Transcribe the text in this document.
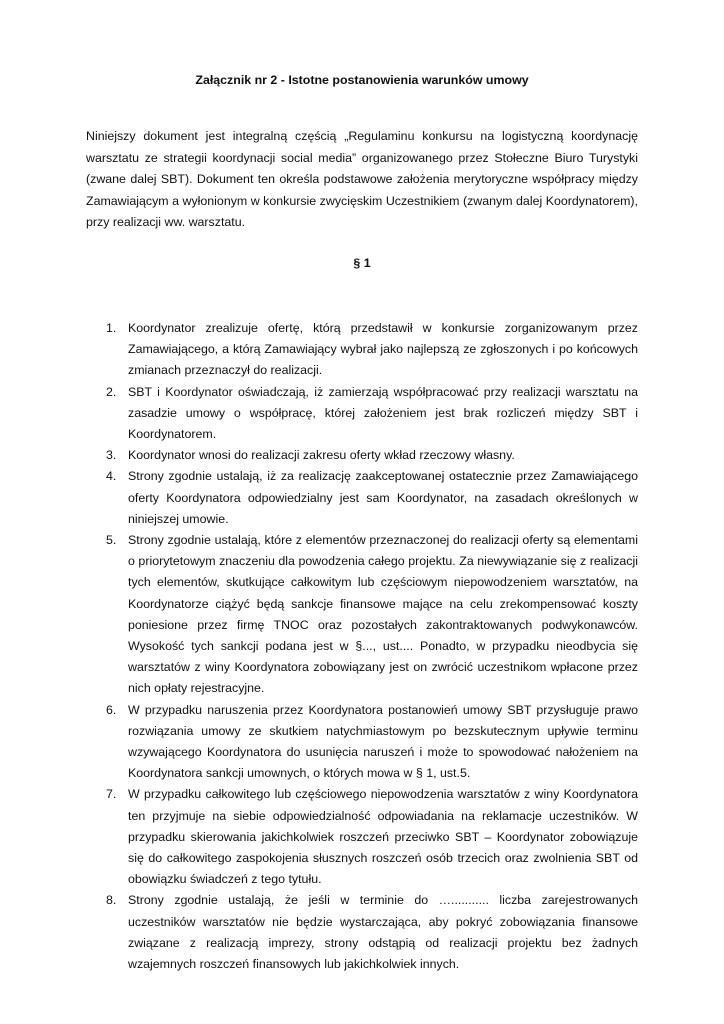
Załącznik nr 2 - Istotne postanowienia warunków umowy

Niniejszy dokument jest integralną częścią „Regulaminu konkursu na logistyczną koordynację warsztatu ze strategii koordynacji social media” organizowanego przez Stołeczne Biuro Turystyki (zwane dalej SBT). Dokument ten określa podstawowe założenia merytoryczne współpracy między Zamawiającym a wyłonionym w konkursie zwycięskim Uczestnikiem (zwanym dalej Koordynatorem), przy realizacji ww. warsztatu.

§ 1
1. Koordynator zrealizuje ofertę, którą przedstawił w konkursie zorganizowanym przez Zamawiającego, a którą Zamawiający wybrał jako najlepszą ze zgłoszonych i po końcowych zmianach przeznaczył do realizacji.
2. SBT i Koordynator oświadczają, iż zamierzają współpracować przy realizacji warsztatu na zasadzie umowy o współpracę, której założeniem jest brak rozliczeń między SBT i Koordynatorem.
3. Koordynator wnosi do realizacji zakresu oferty wkład rzeczowy własny.
4. Strony zgodnie ustalają, iż za realizację zaakceptowanej ostatecznie przez Zamawiającego oferty Koordynatora odpowiedzialny jest sam Koordynator, na zasadach określonych w niniejszej umowie.
5. Strony zgodnie ustalają, które z elementów przeznaczonej do realizacji oferty są elementami o priorytetowym znaczeniu dla powodzenia całego projektu. Za niewywiązanie się z realizacji tych elementów, skutkujące całkowitym lub częściowym niepowodzeniem warsztatów, na Koordynatorze ciążyć będą sankcje finansowe mające na celu zrekompensować koszty poniesione przez firmę TNOC oraz pozostałych zakontraktowanych podwykonawców. Wysokość tych sankcji podana jest w §..., ust.... Ponadto, w przypadku nieodbycia się warsztatów z winy Koordynatora zobowiązany jest on zwrócić uczestnikom wpłacone przez nich opłaty rejestracyjne.
6. W przypadku naruszenia przez Koordynatora postanowień umowy SBT przysługuje prawo rozwiązania umowy ze skutkiem natychmiastowym po bezskutecznym upływie terminu wzywającego Koordynatora do usunięcia naruszeń i może to spowodować nałożeniem na Koordynatora sankcji umownych, o których mowa w § 1, ust.5.
7. W przypadku całkowitego lub częściowego niepowodzenia warsztatów z winy Koordynatora ten przyjmuje na siebie odpowiedzialność odpowiadania na reklamacje uczestników. W przypadku skierowania jakichkolwiek roszczeń przeciwko SBT – Koordynator zobowiązuje się do całkowitego zaspokojenia słusznych roszczeń osób trzecich oraz zwolnienia SBT od obowiązku świadczeń z tego tytułu.
8. Strony zgodnie ustalają, że jeśli w terminie do …........... liczba zarejestrowanych uczestników warsztatów nie będzie wystarczająca, aby pokryć zobowiązania finansowe związane z realizacją imprezy, strony odstąpią od realizacji projektu bez żadnych wzajemnych roszczeń finansowych lub jakichkolwiek innych.
